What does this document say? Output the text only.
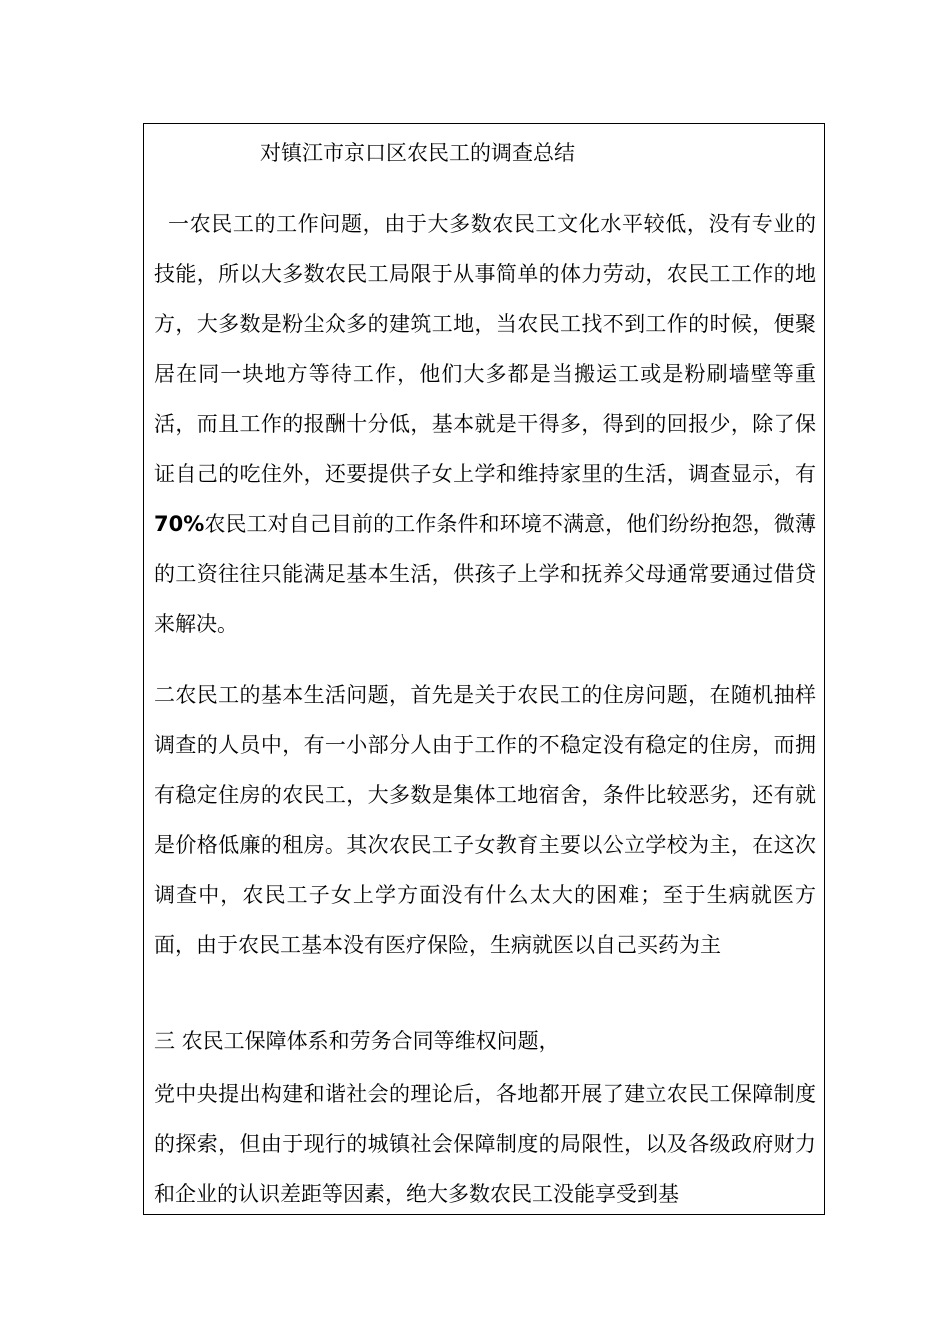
对镇江市京口区农民工的调查总结

一农民工的工作问题，由于大多数农民工文化水平较低，没有专业的技能，所以大多数农民工局限于从事简单的体力劳动，农民工工作的地方，大多数是粉尘众多的建筑工地，当农民工找不到工作的时候，便聚居在同一块地方等待工作，他们大多都是当搬运工或是粉刷墙壁等重活，而且工作的报酬十分低，基本就是干得多，得到的回报少，除了保证自己的吃住外，还要提供子女上学和维持家里的生活，调查显示，有70%农民工对自己目前的工作条件和环境不满意，他们纷纷抱怨，微薄的工资往往只能满足基本生活，供孩子上学和抚养父母通常要通过借贷来解决。

二农民工的基本生活问题，首先是关于农民工的住房问题，在随机抽样调查的人员中，有一小部分人由于工作的不稳定没有稳定的住房，而拥有稳定住房的农民工，大多数是集体工地宿舍，条件比较恶劣，还有就是价格低廉的租房。其次农民工子女教育主要以公立学校为主，在这次调查中，农民工子女上学方面没有什么太大的困难；至于生病就医方面，由于农民工基本没有医疗保险，生病就医以自己买药为主

三 农民工保障体系和劳务合同等维权问题，

党中央提出构建和谐社会的理论后，各地都开展了建立农民工保障制度的探索，但由于现行的城镇社会保障制度的局限性，以及各级政府财力和企业的认识差距等因素，绝大多数农民工没能享受到基
